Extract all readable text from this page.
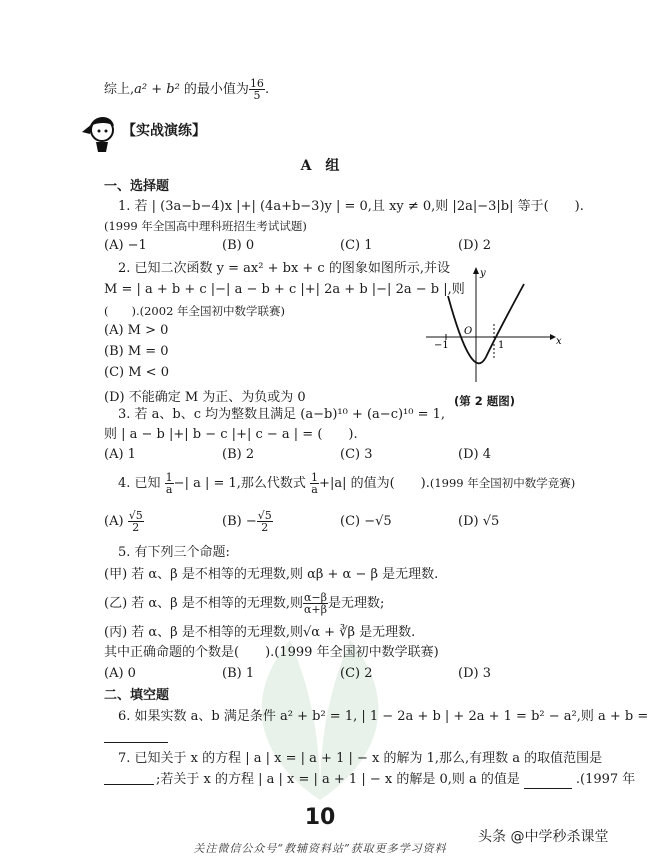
综上,a² + b² 的最小值为 $\frac{16}{5}$ .
【实战演练】
A　组
一、选择题
1. 若 | (3a−b−4)x |+| (4a+b−3)y | = 0,且 xy ≠ 0,则 |2a|−3|b| 等于(　　).
(1999 年全国高中理科班招生考试试题)
(A) −1	(B) 0	(C) 1	(D) 2
2. 已知二次函数 y = ax² + bx + c 的图象如图所示,并设
M = | a + b + c |−| a − b + c |+| 2a + b |−| 2a − b |,则
(　　).(2002 年全国初中数学联赛)
(A) M > 0
(B) M = 0
(C) M < 0
(D) 不能确定 M 为正、为负或为 0
x
y
O
−1	1
(第 2 题图)
3. 若 a、b、c 均为整数且满足 (a−b)¹⁰ + (a−c)¹⁰ = 1,
则 | a − b |+| b − c |+| c − a | = (　　).
(A) 1	(B) 2	(C) 3	(D) 4
4. 已知 $\frac{1}{a}$ −| a | = 1,那么代数式 $\frac{1}{a} +|a|$ 的值为(　　).(1999 年全国初中数学竞赛)
$(A) \frac{√5}{2}$	$(B) - \frac{√5}{2}$	(C) −√5	(D) √5
5. 有下列三个命题:
(甲) 若 α、β 是不相等的无理数,则 αβ + α − β 是无理数.
(乙) 若 α、β 是不相等的无理数,则 $\frac{\alpha-\beta}{\alpha+\beta}$ 是无理数;
(丙) 若 α、β 是不相等的无理数,则√α + ∛β 是无理数.
其中正确命题的个数是(　　).(1999 年全国初中数学联赛)
(A) 0	(B) 1	(C) 2	(D) 3
二、填空题
6. 如果实数 a、b 满足条件 a² + b² = 1, | 1 − 2a + b | + 2a + 1 = b² − a²,则 a + b =
7. 已知关于 x 的方程 | a | x = | a + 1 | − x 的解为 1,那么,有理数 a 的取值范围是
;若关于 x 的方程 | a | x = | a + 1 | − x 的解是 0,则 a 的值是	.(1997 年
10
头条 @中学秒杀课堂
关注微信公众号“教辅资料站”获取更多学习资料
